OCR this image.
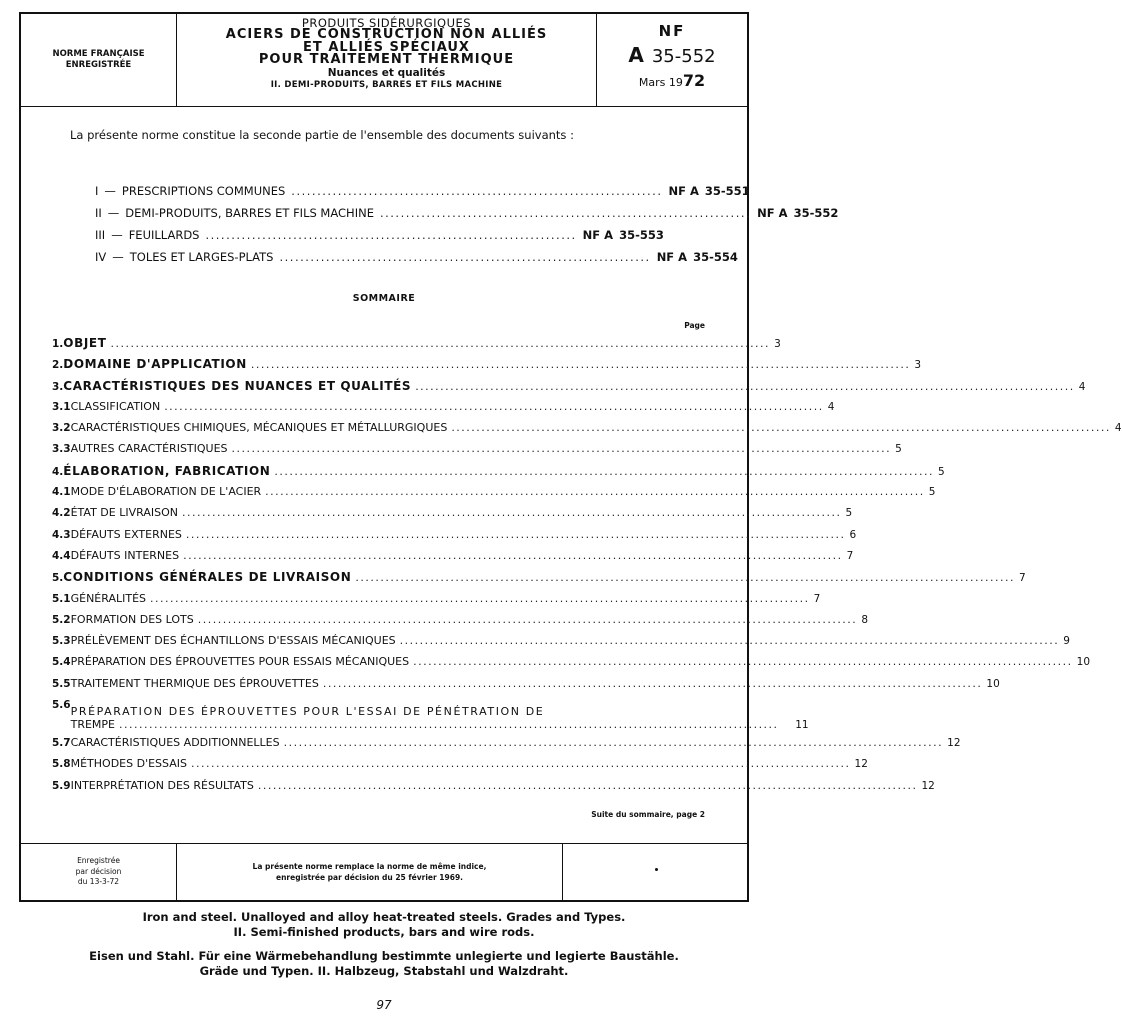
NORME FRANÇAISE
ENREGISTRÉE
PRODUITS SIDÉRURGIQUES
ACIERS DE CONSTRUCTION NON ALLIÉS
ET ALLIÉS SPÉCIAUX
POUR TRAITEMENT THERMIQUE
Nuances et qualités
II. DEMI-PRODUITS, BARRES ET FILS MACHINE
NF
A 35-552
Mars 1972
Enregistrée
par décision
du 13-3-72
La présente norme remplace la norme de même indice,
enregistrée par décision du 25 février 1969.
La présente norme constitue la seconde partie de l'ensemble des documents suivants :
I — PRESCRIPTIONS COMMUNES ........................................................................ NF A 35-551
II — DEMI-PRODUITS, BARRES ET FILS MACHINE ........................................................................ NF A 35-552
III — FEUILLARDS ........................................................................ NF A 35-553
IV — TOLES ET LARGES-PLATS ........................................................................ NF A 35-554
SOMMAIRE
Page
1. OBJET .................................................................................................................................... 3
2. DOMAINE D'APPLICATION .................................................................................................................................... 3
3. CARACTÉRISTIQUES DES NUANCES ET QUALITÉS .................................................................................................................................... 4
3.1 CLASSIFICATION .................................................................................................................................... 4
3.2 CARACTÉRISTIQUES CHIMIQUES, MÉCANIQUES ET MÉTALLURGIQUES .................................................................................................................................... 4
3.3 AUTRES CARACTÉRISTIQUES .................................................................................................................................... 5
4. ÉLABORATION, FABRICATION .................................................................................................................................... 5
4.1 MODE D'ÉLABORATION DE L'ACIER .................................................................................................................................... 5
4.2 ÉTAT DE LIVRAISON .................................................................................................................................... 5
4.3 DÉFAUTS EXTERNES .................................................................................................................................... 6
4.4 DÉFAUTS INTERNES .................................................................................................................................... 7
5. CONDITIONS GÉNÉRALES DE LIVRAISON .................................................................................................................................... 7
5.1 GÉNÉRALITÉS .................................................................................................................................... 7
5.2 FORMATION DES LOTS .................................................................................................................................... 8
5.3 PRÉLÈVEMENT DES ÉCHANTILLONS D'ESSAIS MÉCANIQUES .................................................................................................................................... 9
5.4 PRÉPARATION DES ÉPROUVETTES POUR ESSAIS MÉCANIQUES .................................................................................................................................... 10
5.5 TRAITEMENT THERMIQUE DES ÉPROUVETTES .................................................................................................................................... 10
5.6 PRÉPARATION DES ÉPROUVETTES POUR L'ESSAI DE PÉNÉTRATION DE
TREMPE ....................................................................................................................................	11
5.7 CARACTÉRISTIQUES ADDITIONNELLES .................................................................................................................................... 12
5.8 MÉTHODES D'ESSAIS .................................................................................................................................... 12
5.9 INTERPRÉTATION DES RÉSULTATS .................................................................................................................................... 12
Suite du sommaire, page 2
Iron and steel. Unalloyed and alloy heat-treated steels. Grades and Types.
II. Semi-finished products, bars and wire rods.
Eisen und Stahl. Für eine Wärmebehandlung bestimmte unlegierte und legierte Baustähle.
Gräde und Typen. II. Halbzeug, Stabstahl und Walzdraht.
97
